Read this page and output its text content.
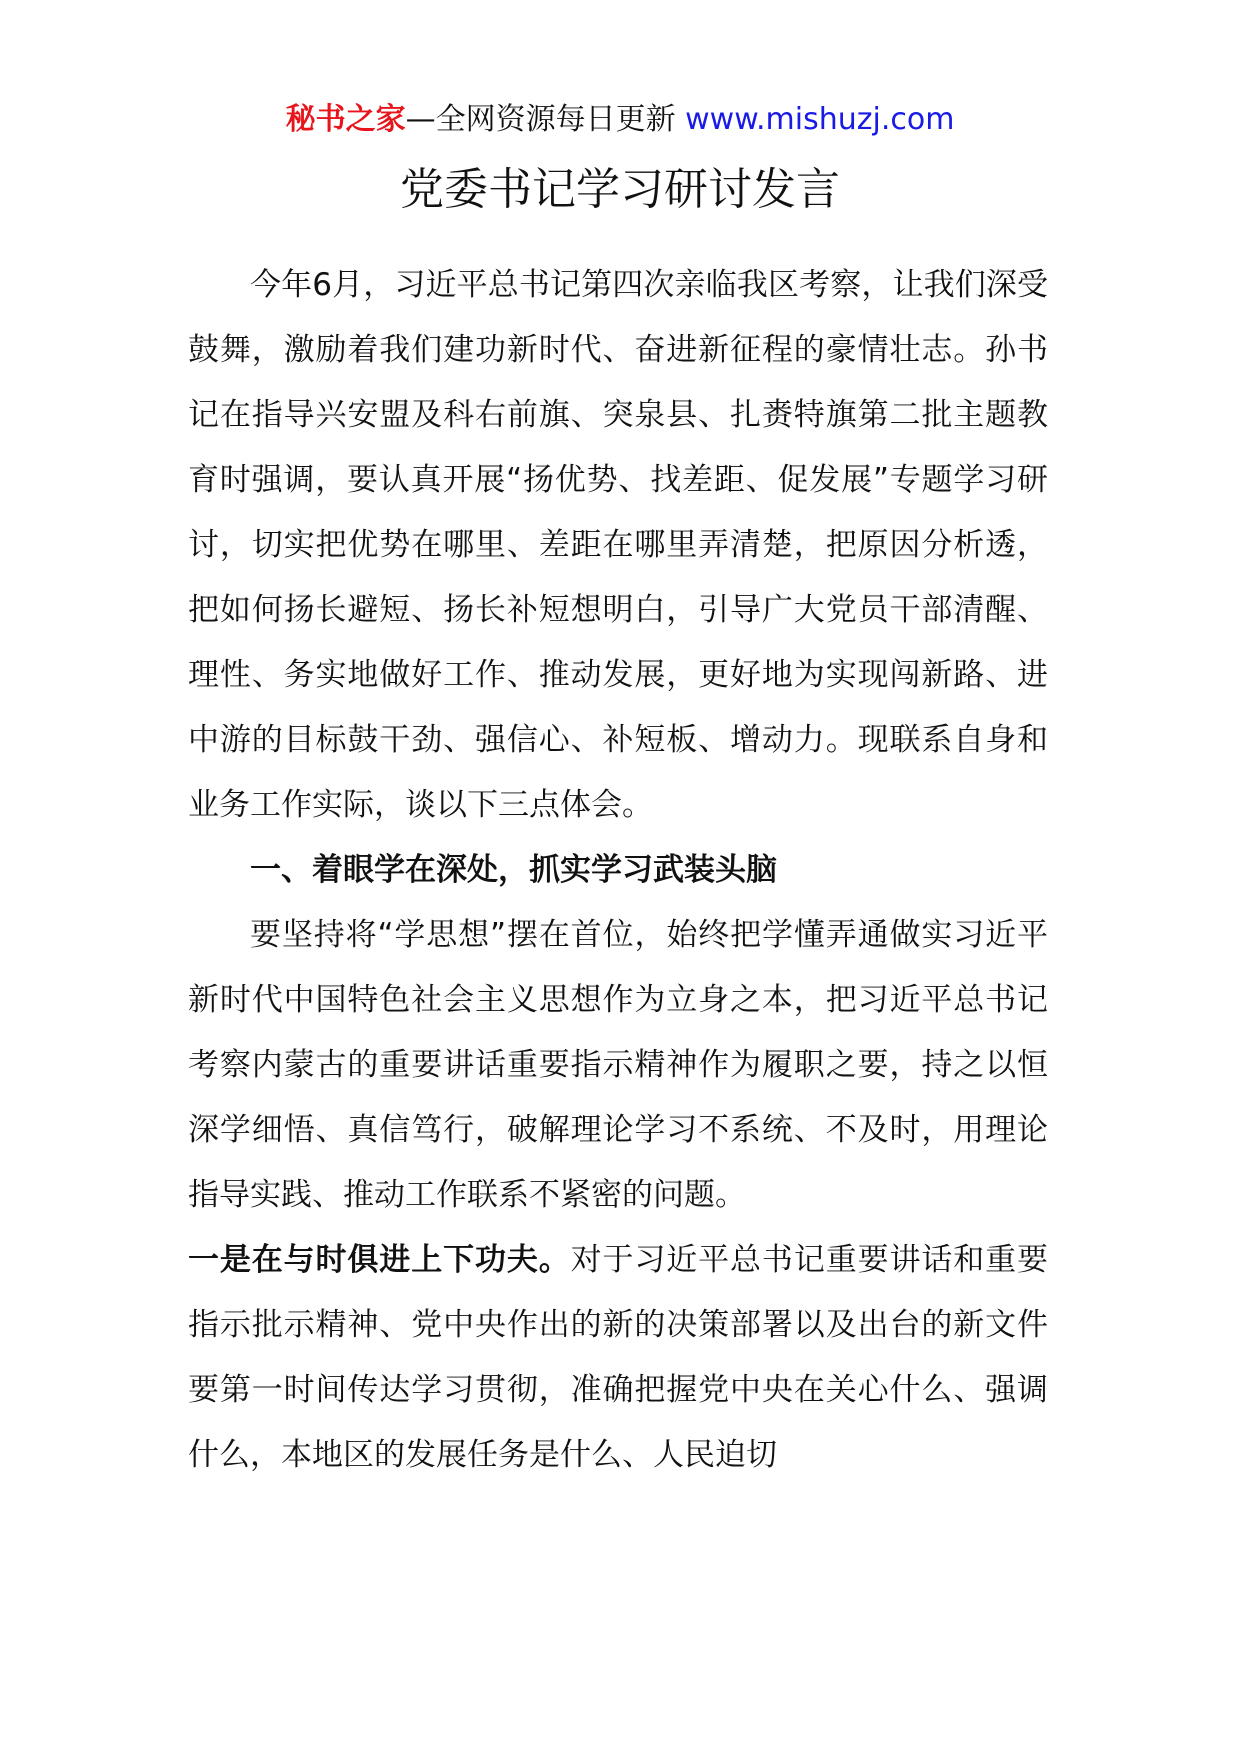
秘书之家—全网资源每日更新 www.mishuzj.com
党委书记学习研讨发言

今年6月，习近平总书记第四次亲临我区考察，让我们深受鼓舞，激励着我们建功新时代、奋进新征程的豪情壮志。孙书记在指导兴安盟及科右前旗、突泉县、扎赉特旗第二批主题教育时强调，要认真开展“扬优势、找差距、促发展”专题学习研讨，切实把优势在哪里、差距在哪里弄清楚，把原因分析透，把如何扬长避短、扬长补短想明白，引导广大党员干部清醒、理性、务实地做好工作、推动发展，更好地为实现闯新路、进中游的目标鼓干劲、强信心、补短板、增动力。现联系自身和业务工作实际，谈以下三点体会。

一、着眼学在深处，抓实学习武装头脑

要坚持将“学思想”摆在首位，始终把学懂弄通做实习近平新时代中国特色社会主义思想作为立身之本，把习近平总书记考察内蒙古的重要讲话重要指示精神作为履职之要，持之以恒深学细悟、真信笃行，破解理论学习不系统、不及时，用理论指导实践、推动工作联系不紧密的问题。

一是在与时俱进上下功夫。对于习近平总书记重要讲话和重要指示批示精神、党中央作出的新的决策部署以及出台的新文件要第一时间传达学习贯彻，准确把握党中央在关心什么、强调什么，本地区的发展任务是什么、人民迫切
